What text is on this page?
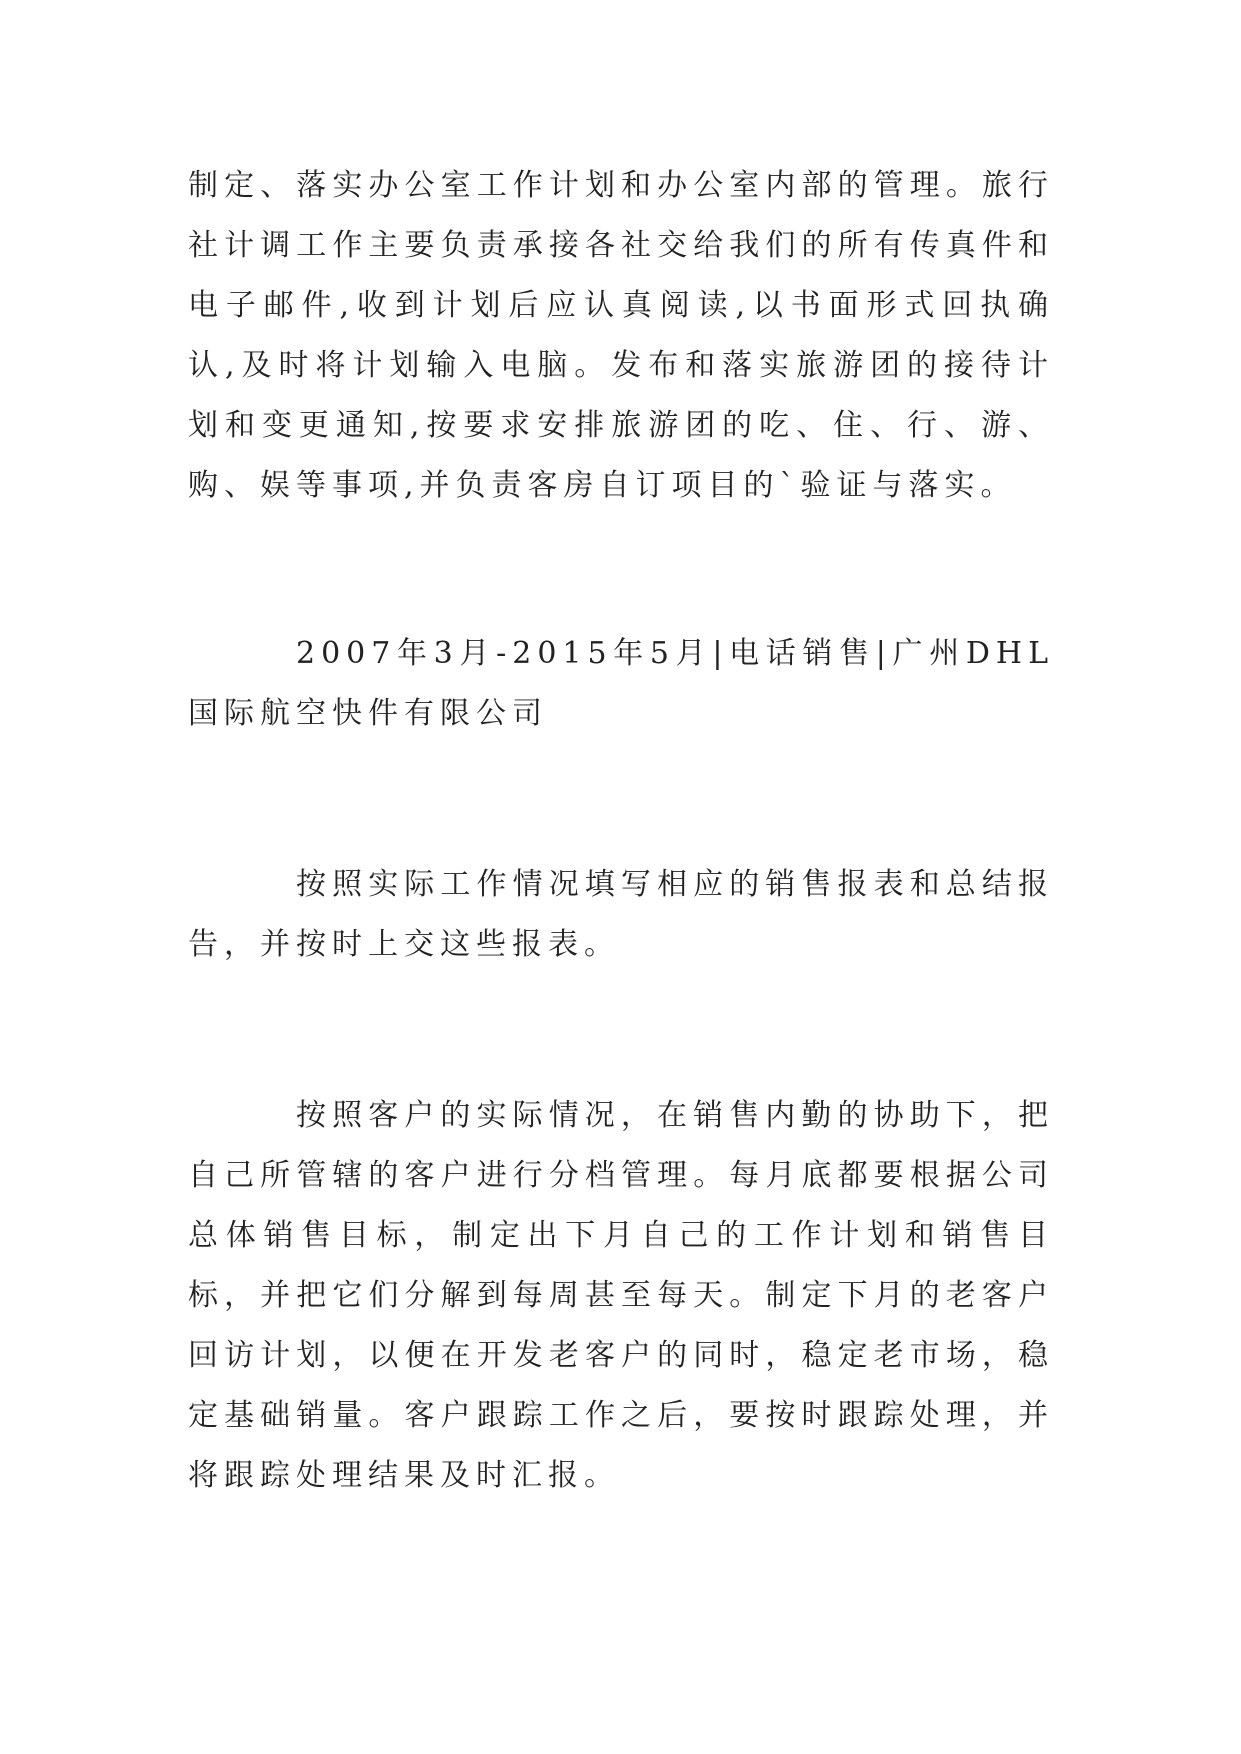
制定、落实办公室工作计划和办公室内部的管理。旅行社计调工作主要负责承接各社交给我们的所有传真件和电子邮件,收到计划后应认真阅读,以书面形式回执确认,及时将计划输入电脑。发布和落实旅游团的接待计划和变更通知,按要求安排旅游团的吃、住、行、游、购、娱等事项,并负责客房自订项目的`验证与落实。

2007年3月-2015年5月|电话销售|广州DHL国际航空快件有限公司

按照实际工作情况填写相应的销售报表和总结报告，并按时上交这些报表。

按照客户的实际情况，在销售内勤的协助下，把自己所管辖的客户进行分档管理。每月底都要根据公司总体销售目标，制定出下月自己的工作计划和销售目标，并把它们分解到每周甚至每天。制定下月的老客户回访计划，以便在开发老客户的同时，稳定老市场，稳定基础销量。客户跟踪工作之后，要按时跟踪处理，并将跟踪处理结果及时汇报。
